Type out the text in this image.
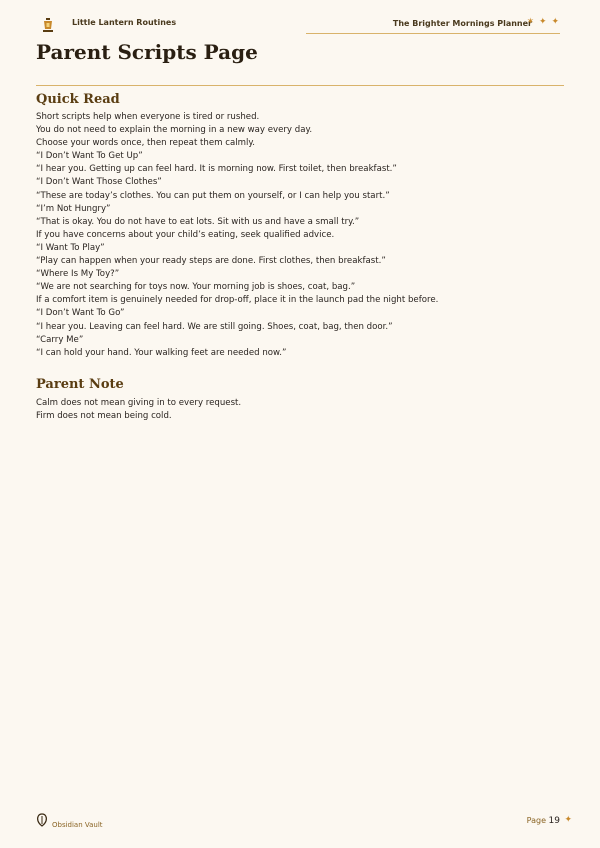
Little Lantern Routines	The Brighter Mornings Planner
✶ ✦ ✦
Parent Scripts Page
Quick Read
Short scripts help when everyone is tired or rushed.
You do not need to explain the morning in a new way every day.
Choose your words once, then repeat them calmly.
“I Don’t Want To Get Up”
“I hear you. Getting up can feel hard. It is morning now. First toilet, then breakfast.”
“I Don’t Want Those Clothes”
“These are today’s clothes. You can put them on yourself, or I can help you start.”
“I’m Not Hungry”
“That is okay. You do not have to eat lots. Sit with us and have a small try.”
If you have concerns about your child’s eating, seek qualified advice.
“I Want To Play”
“Play can happen when your ready steps are done. First clothes, then breakfast.”
“Where Is My Toy?”
“We are not searching for toys now. Your morning job is shoes, coat, bag.”
If a comfort item is genuinely needed for drop-off, place it in the launch pad the night before.
“I Don’t Want To Go”
“I hear you. Leaving can feel hard. We are still going. Shoes, coat, bag, then door.”
“Carry Me”
“I can hold your hand. Your walking feet are needed now.”
Parent Note
Calm does not mean giving in to every request.
Firm does not mean being cold.
Obsidian Vault	Page 19 ✦
